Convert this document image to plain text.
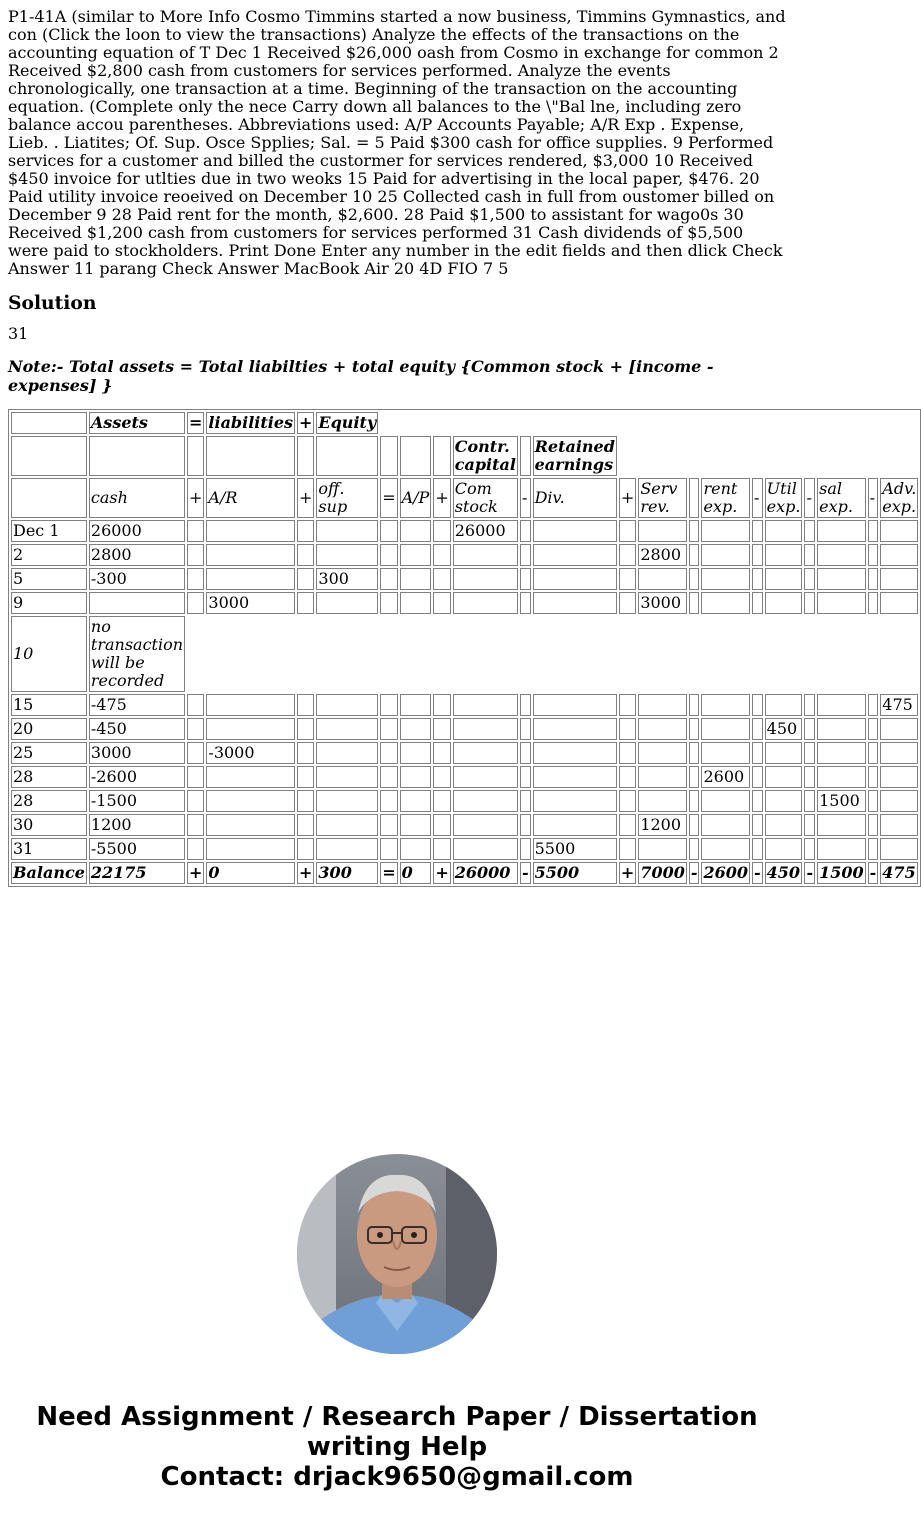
P1-41A (similar to More Info Cosmo Timmins started a now business, Timmins Gymnastics, and con (Click the loon to view the transactions) Analyze the effects of the transactions on the accounting equation of T Dec 1 Received $26,000 oash from Cosmo in exchange for common 2 Received $2,800 cash from customers for services performed. Analyze the events chronologically, one transaction at a time. Beginning of the transaction on the accounting equation. (Complete only the nece Carry down all balances to the \"Bal lne, including zero balance accou parentheses. Abbreviations used: A/P Accounts Payable; A/R Exp . Expense, Lieb. . Liatites; Of. Sup. Osce Spplies; Sal. = 5 Paid $300 cash for office supplies. 9 Performed services for a customer and billed the custormer for services rendered, $3,000 10 Received $450 invoice for utlties due in two weoks 15 Paid for advertising in the local paper, $476. 20 Paid utility invoice reoeived on December 10 25 Collected cash in full from oustomer billed on December 9 28 Paid rent for the month, $2,600. 28 Paid $1,500 to assistant for wago0s 30 Received $1,200 cash from customers for services performed 31 Cash dividends of $5,500 were paid to stockholders. Print Done Enter any number in the edit fields and then dlick Check Answer 11 parang Check Answer MacBook Air 20 4D FIO 7 5

Solution

31

Note:- Total assets = Total liabilties + total equity {Common stock + [income - expenses] }

	Assets	=	liabilities	+	Equity																
									Contr. capital		Retained earnings										
	cash	+	A/R	+	off. sup	=	A/P	+	Com stock	-	Div.	+	Serv rev.		rent exp.	-	Util exp.	-	sal exp.	-	Adv. exp.
Dec 1	26000								26000												
2	2800												2800								
5	-300				300																
9			3000										3000								
10	no transaction will be recorded																				
15	-475																				475
20	-450																450				
25	3000		-3000																		
28	-2600														2600						
28	-1500																		1500		
30	1200												1200								
31	-5500										5500										
Balance	22175	+	0	+	300	=	0	+	26000	-	5500	+	7000	-	2600	-	450	-	1500	-	475
Need Assignment / Research Paper / Dissertation writing Help
Contact: drjack9650@gmail.com
